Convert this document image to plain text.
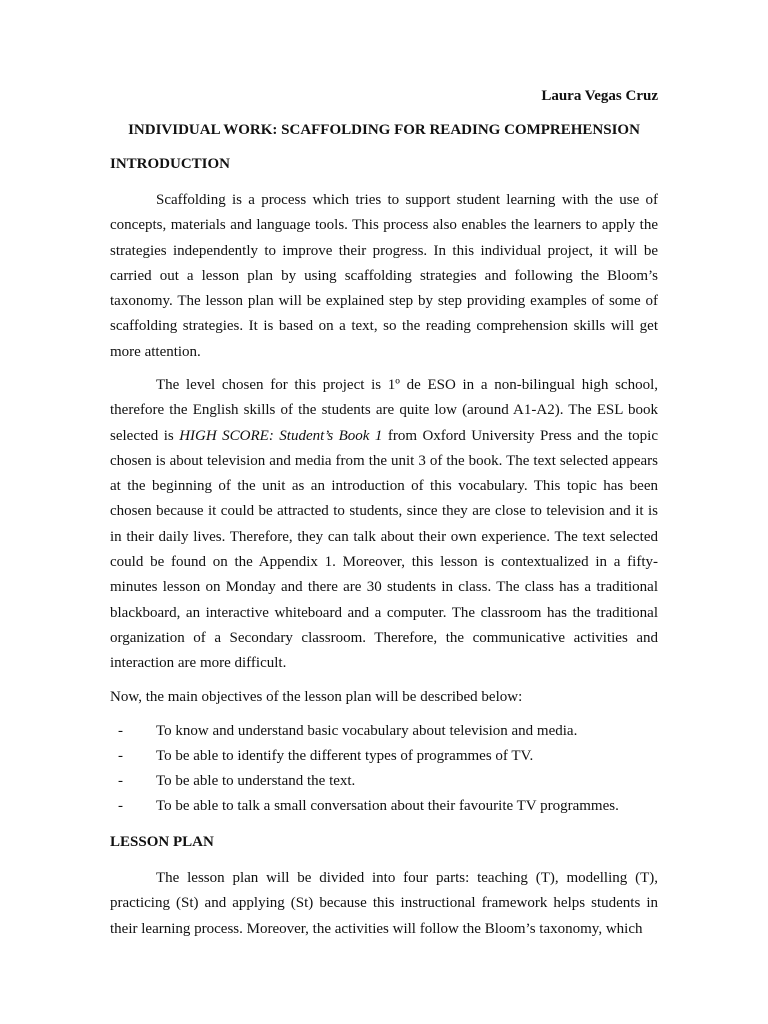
Laura Vegas Cruz
INDIVIDUAL WORK: SCAFFOLDING FOR READING COMPREHENSION
INTRODUCTION

Scaffolding is a process which tries to support student learning with the use of concepts, materials and language tools. This process also enables the learners to apply the strategies independently to improve their progress. In this individual project, it will be carried out a lesson plan by using scaffolding strategies and following the Bloom’s taxonomy. The lesson plan will be explained step by step providing examples of some of scaffolding strategies. It is based on a text, so the reading comprehension skills will get more attention.

The level chosen for this project is 1º de ESO in a non-bilingual high school, therefore the English skills of the students are quite low (around A1-A2). The ESL book selected is HIGH SCORE: Student’s Book 1 from Oxford University Press and the topic chosen is about television and media from the unit 3 of the book. The text selected appears at the beginning of the unit as an introduction of this vocabulary. This topic has been chosen because it could be attracted to students, since they are close to television and it is in their daily lives. Therefore, they can talk about their own experience. The text selected could be found on the Appendix 1. Moreover, this lesson is contextualized in a fifty-minutes lesson on Monday and there are 30 students in class. The class has a traditional blackboard, an interactive whiteboard and a computer. The classroom has the traditional organization of a Secondary classroom. Therefore, the communicative activities and interaction are more difficult.

Now, the main objectives of the lesson plan will be described below:

- To know and understand basic vocabulary about television and media.
- To be able to identify the different types of programmes of TV.
- To be able to understand the text.
- To be able to talk a small conversation about their favourite TV programmes.
LESSON PLAN

The lesson plan will be divided into four parts: teaching (T), modelling (T), practicing (St) and applying (St) because this instructional framework helps students in their learning process. Moreover, the activities will follow the Bloom’s taxonomy, which
